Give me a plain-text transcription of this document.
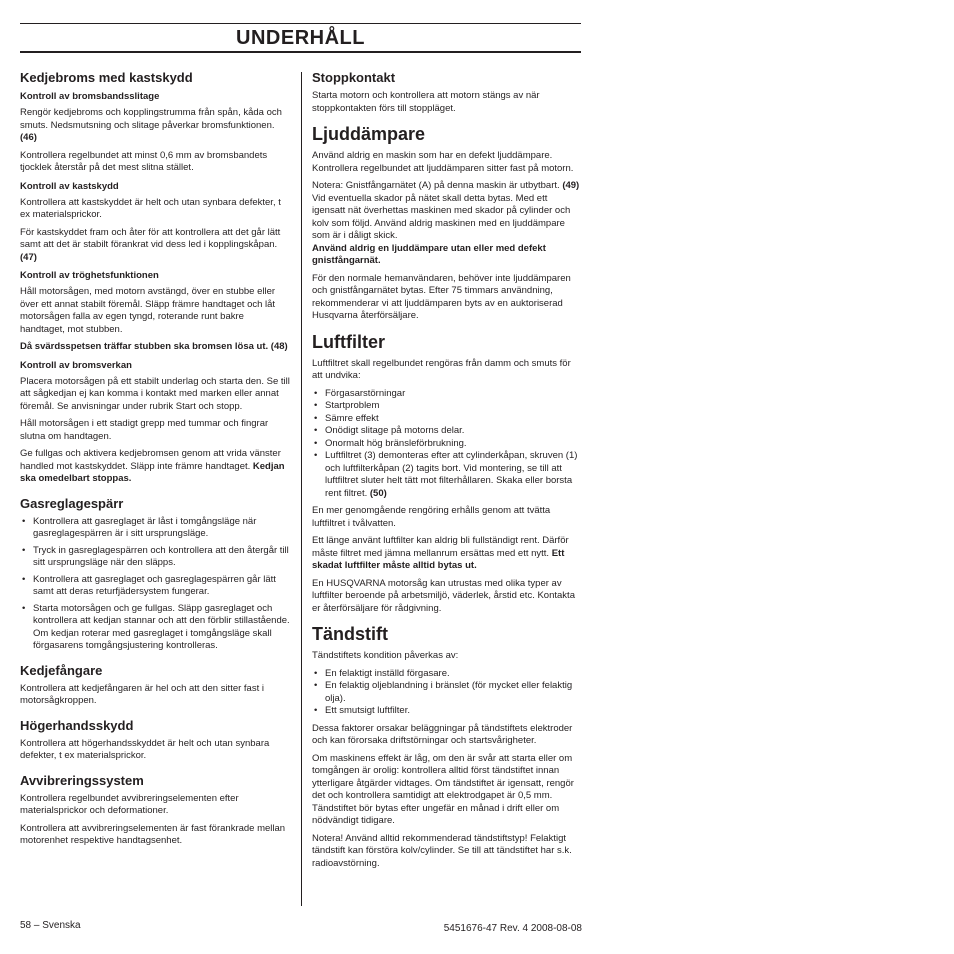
UNDERHÅLL
Kedjebroms med kastskydd
Kontroll av bromsbandsslitage

Rengör kedjebroms och kopplingstrumma från spån, kåda och smuts. Nedsmutsning och slitage påverkar bromsfunktionen. (46)

Kontrollera regelbundet att minst 0,6 mm av bromsbandets tjocklek återstår på det mest slitna stället.

Kontroll av kastskydd

Kontrollera att kastskyddet är helt och utan synbara defekter, t ex materialsprickor.

För kastskyddet fram och åter för att kontrollera att det går lätt samt att det är stabilt förankrat vid dess led i kopplingskåpan. (47)

Kontroll av tröghetsfunktionen

Håll motorsågen, med motorn avstängd, över en stubbe eller över ett annat stabilt föremål. Släpp främre handtaget och låt motorsågen falla av egen tyngd, roterande runt bakre handtaget, mot stubben.

Då svärdsspetsen träffar stubben ska bromsen lösa ut. (48)

Kontroll av bromsverkan

Placera motorsågen på ett stabilt underlag och starta den. Se till att sågkedjan ej kan komma i kontakt med marken eller annat föremål. Se anvisningar under rubrik Start och stopp.

Håll motorsågen i ett stadigt grepp med tummar och fingrar slutna om handtagen.

Ge fullgas och aktivera kedjebromsen genom att vrida vänster handled mot kastskyddet. Släpp inte främre handtaget. Kedjan ska omedelbart stoppas.

Gasreglagespärr
• Kontrollera att gasreglaget är låst i tomgångsläge när gasreglagespärren är i sitt ursprungsläge.
• Tryck in gasreglagespärren och kontrollera att den återgår till sitt ursprungsläge när den släpps.
• Kontrollera att gasreglaget och gasreglagespärren går lätt samt att deras returfjädersystem fungerar.
• Starta motorsågen och ge fullgas. Släpp gasreglaget och kontrollera att kedjan stannar och att den förblir stillastående. Om kedjan roterar med gasreglaget i tomgångsläge skall förgasarens tomgångsjustering kontrolleras.
Kedjefångare

Kontrollera att kedjefångaren är hel och att den sitter fast i motorsågkroppen.

Högerhandsskydd

Kontrollera att högerhandsskyddet är helt och utan synbara defekter, t ex materialsprickor.

Avvibreringssystem

Kontrollera regelbundet avvibreringselementen efter materialsprickor och deformationer.

Kontrollera att avvibreringselementen är fast förankrade mellan motorenhet respektive handtagsenhet.

Stoppkontakt

Starta motorn och kontrollera att motorn stängs av när stoppkontakten förs till stoppläget.

Ljuddämpare

Använd aldrig en maskin som har en defekt ljuddämpare. Kontrollera regelbundet att ljuddämparen sitter fast på motorn.

Notera: Gnistfångarnätet (A) på denna maskin är utbytbart. (49) Vid eventuella skador på nätet skall detta bytas. Med ett igensatt nät överhettas maskinen med skador på cylinder och kolv som följd. Använd aldrig maskinen med en ljuddämpare som är i dåligt skick.
Använd aldrig en ljuddämpare utan eller med defekt gnistfångarnät.

För den normale hemanvändaren, behöver inte ljuddämparen och gnistfångarnätet bytas. Efter 75 timmars användning, rekommenderar vi att ljuddämparen byts av en auktoriserad Husqvarna återförsäljare.

Luftfilter

Luftfiltret skall regelbundet rengöras från damm och smuts för att undvika:

• Förgasarstörningar
• Startproblem
• Sämre effekt
• Onödigt slitage på motorns delar.
• Onormalt hög bränsleförbrukning.
• Luftfiltret (3) demonteras efter att cylinderkåpan, skruven (1) och luftfilterkåpan (2) tagits bort. Vid montering, se till att luftfiltret sluter helt tätt mot filterhållaren. Skaka eller borsta rent filtret. (50)

En mer genomgående rengöring erhålls genom att tvätta luftfiltret i tvålvatten.

Ett länge använt luftfilter kan aldrig bli fullständigt rent. Därför måste filtret med jämna mellanrum ersättas med ett nytt. Ett skadat luftfilter måste alltid bytas ut.

En HUSQVARNA motorsåg kan utrustas med olika typer av luftfilter beroende på arbetsmiljö, väderlek, årstid etc. Kontakta er återförsäljare för rådgivning.

Tändstift

Tändstiftets kondition påverkas av:

• En felaktigt inställd förgasare.
• En felaktig oljeblandning i bränslet (för mycket eller felaktig olja).
• Ett smutsigt luftfilter.

Dessa faktorer orsakar beläggningar på tändstiftets elektroder och kan förorsaka driftstörningar och startsvårigheter.

Om maskinens effekt är låg, om den är svår att starta eller om tomgången är orolig: kontrollera alltid först tändstiftet innan ytterligare åtgärder vidtages. Om tändstiftet är igensatt, rengör det och kontrollera samtidigt att elektrodgapet är 0,5 mm. Tändstiftet bör bytas efter ungefär en månad i drift eller om nödvändigt tidigare.

Notera! Använd alltid rekommenderad tändstiftstyp! Felaktigt tändstift kan förstöra kolv/cylinder. Se till att tändstiftet har s.k. radioavstörning.

58 – Svenska	5451676-47 Rev. 4 2008-08-08
